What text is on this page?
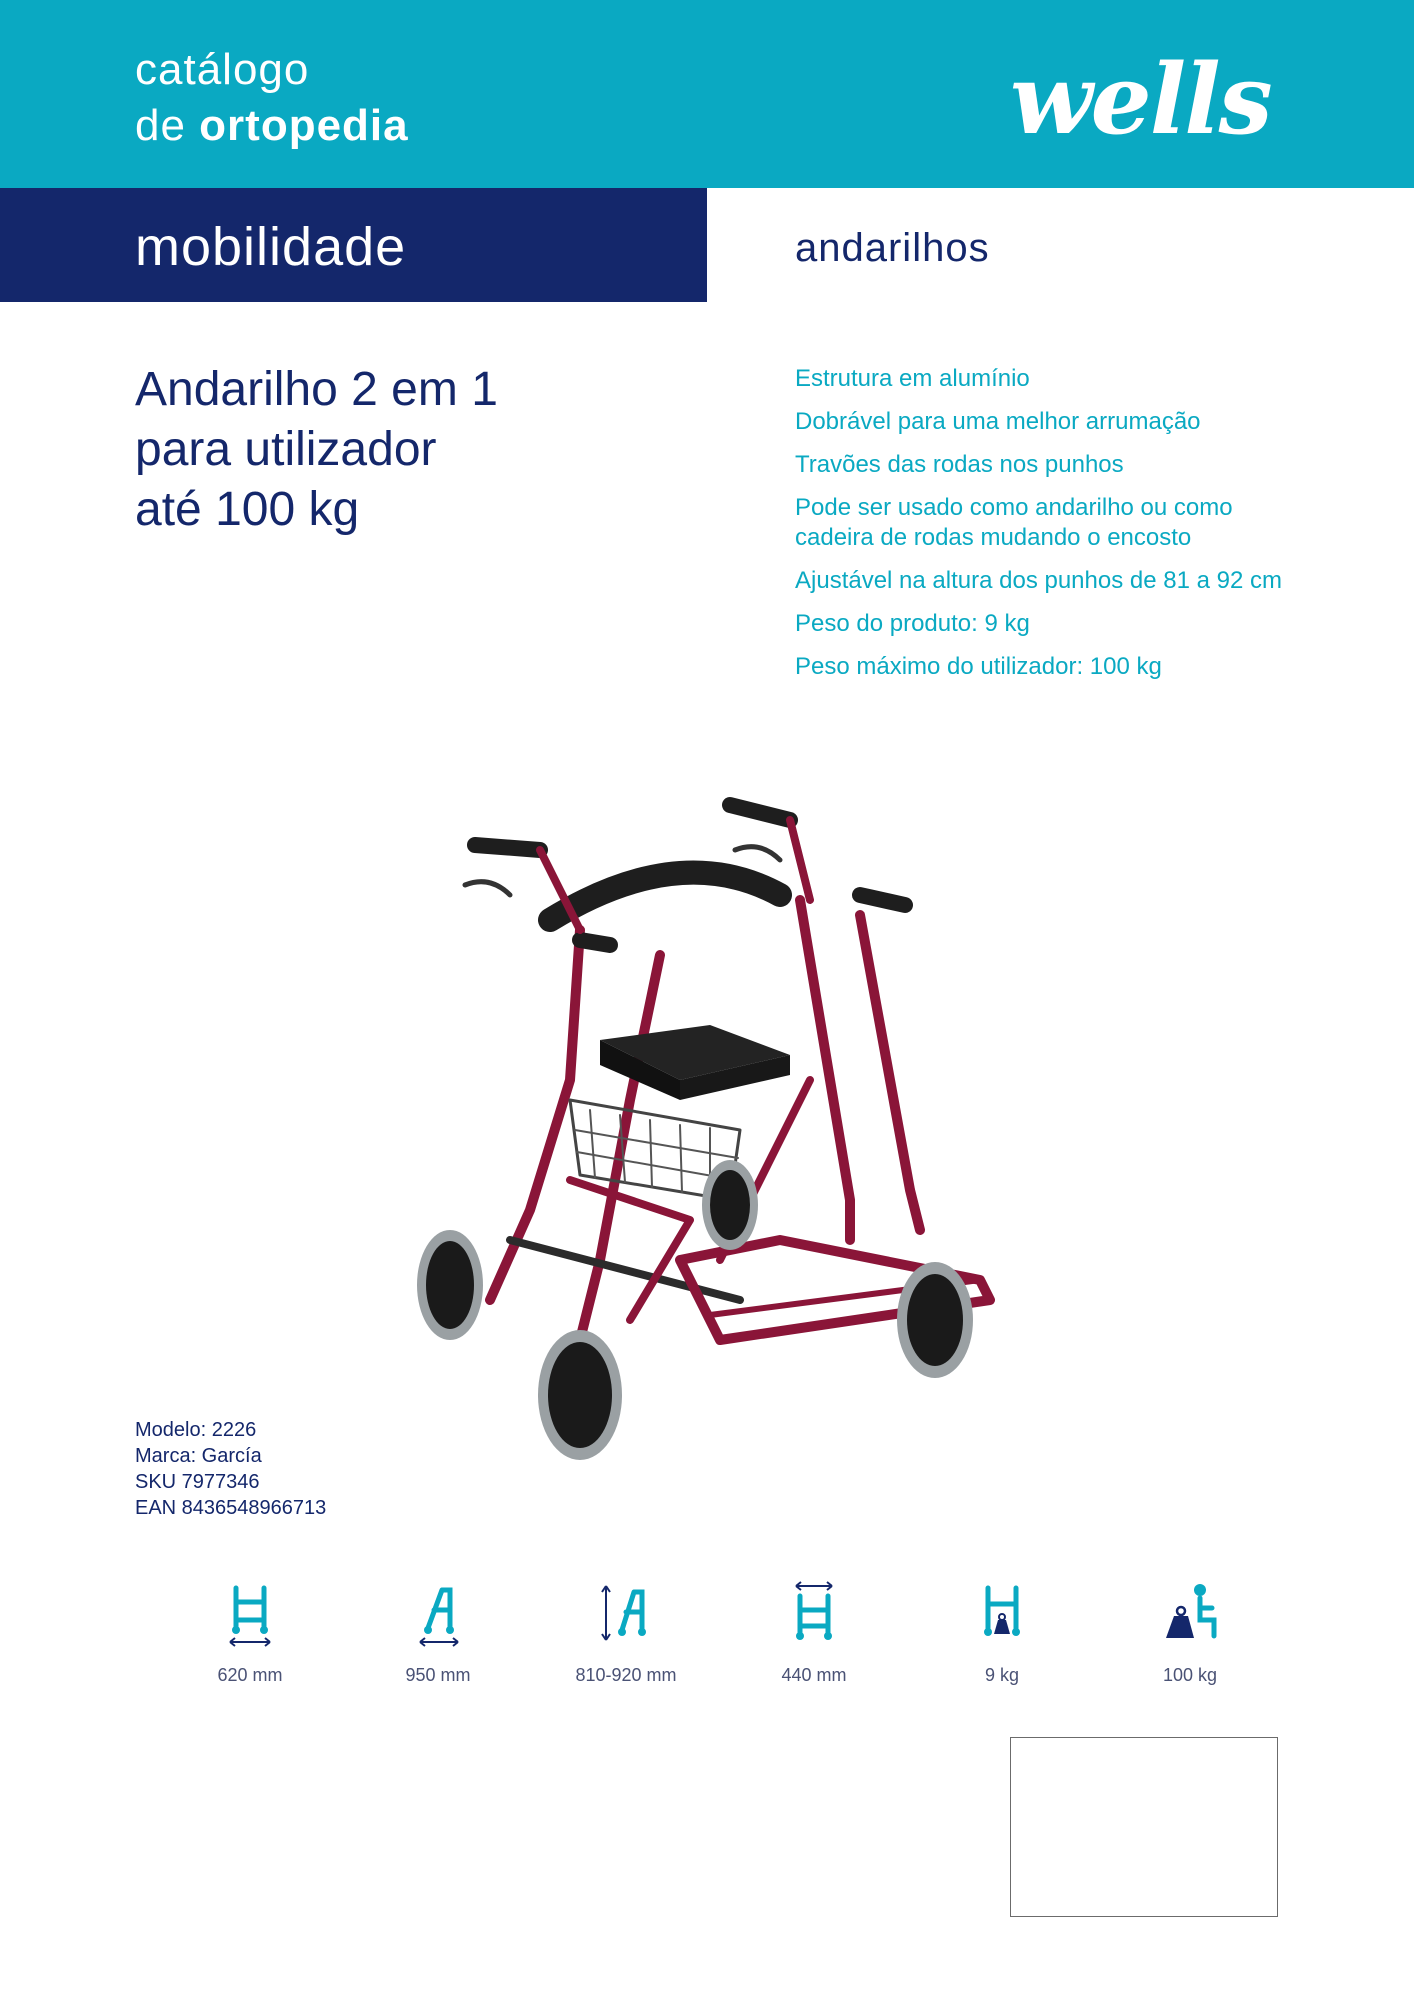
catálogo
de ortopedia	wells
mobilidade	andarilhos
Andarilho 2 em 1
para utilizador
até 100 kg
Estrutura em alumínio
Dobrável para uma melhor arrumação
Travões das rodas nos punhos
Pode ser usado como andarilho ou como cadeira de rodas mudando o encosto
Ajustável na altura dos punhos de 81 a 92 cm
Peso do produto: 9 kg
Peso máximo do utilizador: 100 kg
Modelo: 2226
Marca: García
SKU 7977346
EAN 8436548966713
620 mm	950 mm	810-920 mm	440 mm	9 kg	100 kg
